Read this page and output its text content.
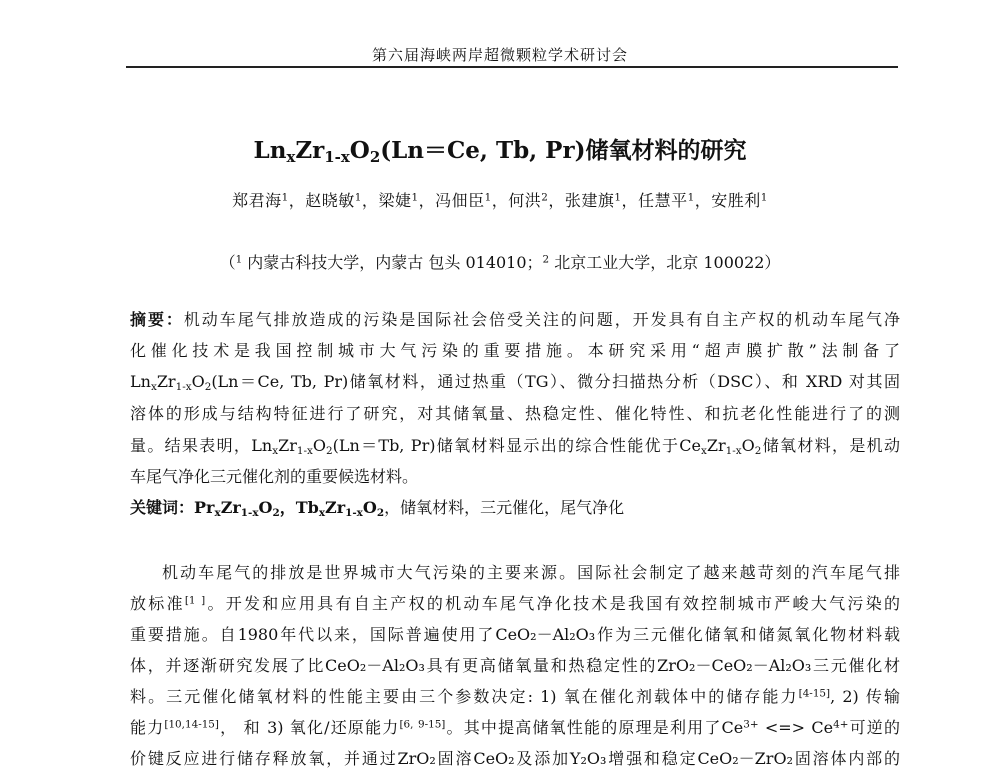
第六届海峡两岸超微颗粒学术研讨会
$Ln_xZr_{1-x}O_2(Ln=Ce$, Tb, Pr)储氧材料的研究
郑君海$^1$，赵晓敏$^1$，梁婕$^1$，冯佃臣$^1$，何洪$^2$，张建旗$^1$，任慧平$^1$，安胜利$^1$
（$^1$ 内蒙古科技大学，内蒙古 包头 014010；$^2$ 北京工业大学，北京 100022）
摘要：机动车尾气排放造成的污染是国际社会倍受关注的问题，开发具有自主产权的机动车尾气净
化催化技术是我国控制城市大气污染的重要措施。本研究采用“超声膜扩散”法制备了
$Ln_xZr_{1-x}O_2(Ln=Ce$, Tb, Pr)储氧材料，通过热重（TG）、微分扫描热分析（DSC）、和 XRD 对其固
溶体的形成与结构特征进行了研究，对其储氧量、热稳定性、催化特性、和抗老化性能进行了的测
量。结果表明，$Ln_xZr_{1-x}O_2(Ln=Tb$, Pr)储氧材料显示出的综合性能优于$Ce_xZr_{1-x}O_2$储氧材料，是机动
车尾气净化三元催化剂的重要候选材料。
关键词：$Pr_xZr_{1-x}O_2$，$Tb_xZr_{1-x}O_2$，储氧材料，三元催化，尾气净化
机动车尾气的排放是世界城市大气污染的主要来源。国际社会制定了越来越苛刻的汽车尾气排
放标准[1 ]。开发和应用具有自主产权的机动车尾气净化技术是我国有效控制城市严峻大气污染的
重要措施。自1980年代以来，国际普遍使用了CeO₂－Al₂O₃作为三元催化储氧和储氮氧化物材料载
体，并逐渐研究发展了比CeO₂－Al₂O₃具有更高储氧量和热稳定性的ZrO₂－CeO₂－Al₂O₃三元催化材
料。三元催化储氧材料的性能主要由三个参数决定: 1) 氧在催化剂载体中的储存能力[4-15], 2) 传输
能力[10,14-15]， 和 3) 氧化/还原能力[6, 9-15]。其中提高储氧性能的原理是利用了$Ce^{3+}$ <=> $Ce^{4+}$可逆的
价键反应进行储存释放氧，并通过ZrO₂固溶CeO₂及添加Y₂O₃增强和稳定CeO₂－ZrO₂固溶体内部的
